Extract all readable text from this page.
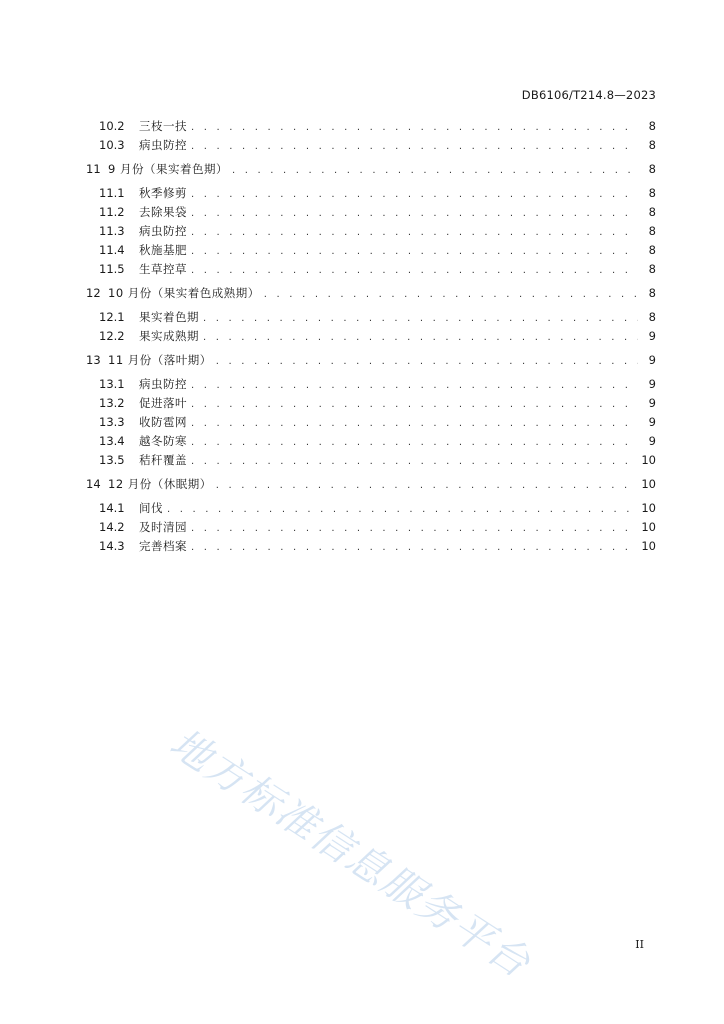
DB6106/T214.8—2023
10.2	三枝一扶 . . .	8
10.3	病虫防控 . . .	8
11 9 月份（果实着色期） . . .	8
11.1	秋季修剪 . . .	8
11.2	去除果袋 . . .	8
11.3	病虫防控 . . .	8
11.4	秋施基肥 . . .	8
11.5	生草控草 . . .	8
12 10 月份（果实着色成熟期） . . .	8
12.1	果实着色期 . . .	8
12.2	果实成熟期 . . .	9
13 11 月份（落叶期） . . .	9
13.1	病虫防控 . . .	9
13.2	促进落叶 . . .	9
13.3	收防雹网 . . .	9
13.4	越冬防寒 . . .	9
13.5	秸秆覆盖 . . .	10
14 12 月份（休眠期） . . .	10
14.1	间伐 . . .	10
14.2	及时清园 . . .	10
14.3	完善档案 . . .	10
地方标准信息服务平台	II
